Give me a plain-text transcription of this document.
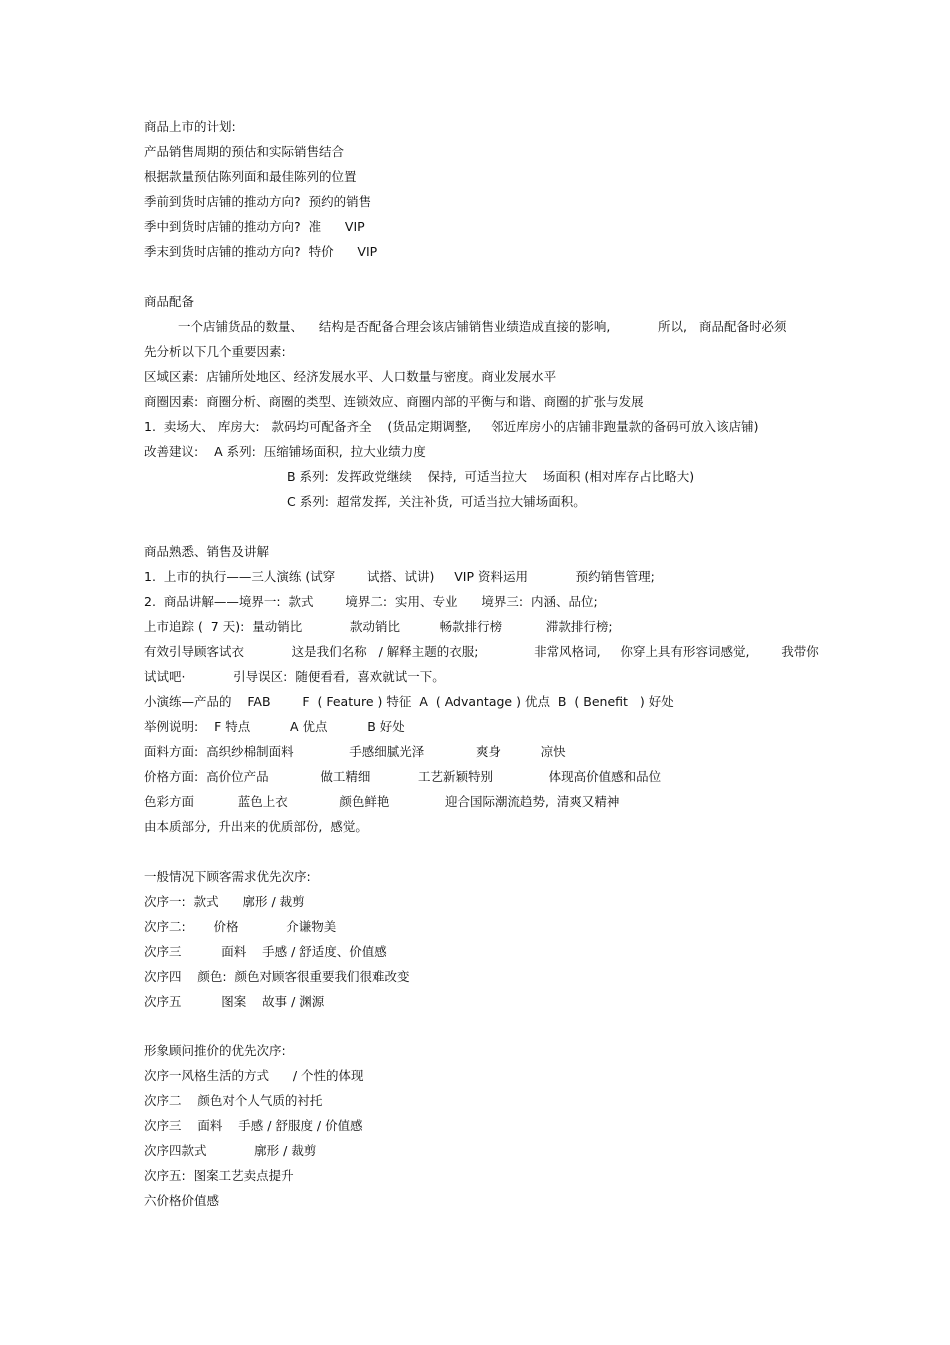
商品上市的计划:

产品销售周期的预估和实际销售结合

根据款量预估陈列面和最佳陈列的位置

季前到货时店铺的推动方向?  预约的销售

季中到货时店铺的推动方向?  准      VIP

季末到货时店铺的推动方向?  特价      VIP

商品配备

一个店铺货品的数量、    结构是否配备合理会该店铺销售业绩造成直接的影响,            所以,   商品配备时必须

先分析以下几个重要因素:

区域区素:  店铺所处地区、经济发展水平、人口数量与密度。商业发展水平

商圈因素:  商圈分析、商圈的类型、连锁效应、商圈内部的平衡与和谐、商圈的扩张与发展

1.  卖场大、 库房大:   款码均可配备齐全    (货品定期调整,     邻近库房小的店铺非跑量款的备码可放入该店铺)

改善建议:    A 系列:  压缩铺场面积,  拉大业绩力度

B 系列:  发挥政党继续    保持,  可适当拉大    场面积 (相对库存占比略大)

C 系列:  超常发挥,  关注补货,  可适当拉大铺场面积。

商品熟悉、销售及讲解

1.  上市的执行——三人演练 (试穿        试搭、试讲)     VIP 资料运用            预约销售管理;

2.  商品讲解——境界一:  款式        境界二:  实用、专业      境界三:  内涵、品位;

上市追踪 (  7 天):  量动销比            款动销比          畅款排行榜           滞款排行榜;

有效引导顾客试衣            这是我们名称   / 解释主题的衣服;              非常风格词,     你穿上具有形容词感觉,        我带你

试试吧·            引导误区:  随便看看,  喜欢就试一下。

小演练—产品的    FAB        F  ( Feature ) 特征  A  ( Advantage ) 优点  B  ( Benefit   ) 好处

举例说明:    F 特点          A 优点          B 好处

面料方面:  高织纱棉制面料              手感细腻光泽             爽身          凉快

价格方面:  高价位产品             做工精细            工艺新颖特别              体现高价值感和品位

色彩方面           蓝色上衣             颜色鲜艳              迎合国际潮流趋势,  清爽又精神

由本质部分,  升出来的优质部份,  感觉。

一般情况下顾客需求优先次序:

次序一:  款式      廓形 / 裁剪

次序二:       价格            介谦物美

次序三          面料    手感 / 舒适度、价值感

次序四    颜色:  颜色对顾客很重要我们很难改变

次序五          图案    故事 / 渊源

形象顾问推价的优先次序:

次序一风格生活的方式      / 个性的体现

次序二    颜色对个人气质的衬托

次序三    面料    手感 / 舒服度 / 价值感

次序四款式            廓形 / 裁剪

次序五:  图案工艺卖点提升

六价格价值感
